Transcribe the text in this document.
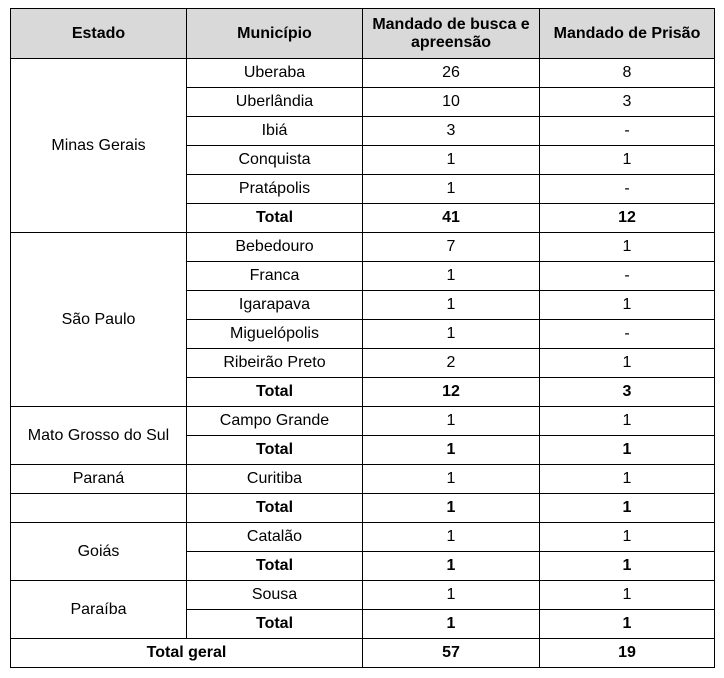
Estado	Município	Mandado de busca e apreensão	Mandado de Prisão
Minas Gerais	Uberaba	26	8
	Uberlândia	10	3
	Ibiá	3	-
	Conquista	1	1
	Pratápolis	1	-
	Total	41	12
São Paulo	Bebedouro	7	1
	Franca	1	-
	Igarapava	1	1
	Miguelópolis	1	-
	Ribeirão Preto	2	1
	Total	12	3
Mato Grosso do Sul	Campo Grande	1	1
	Total	1	1
Paraná	Curitiba	1	1
	Total	1	1
Goiás	Catalão	1	1
	Total	1	1
Paraíba	Sousa	1	1
	Total	1	1
Total geral		57	19
